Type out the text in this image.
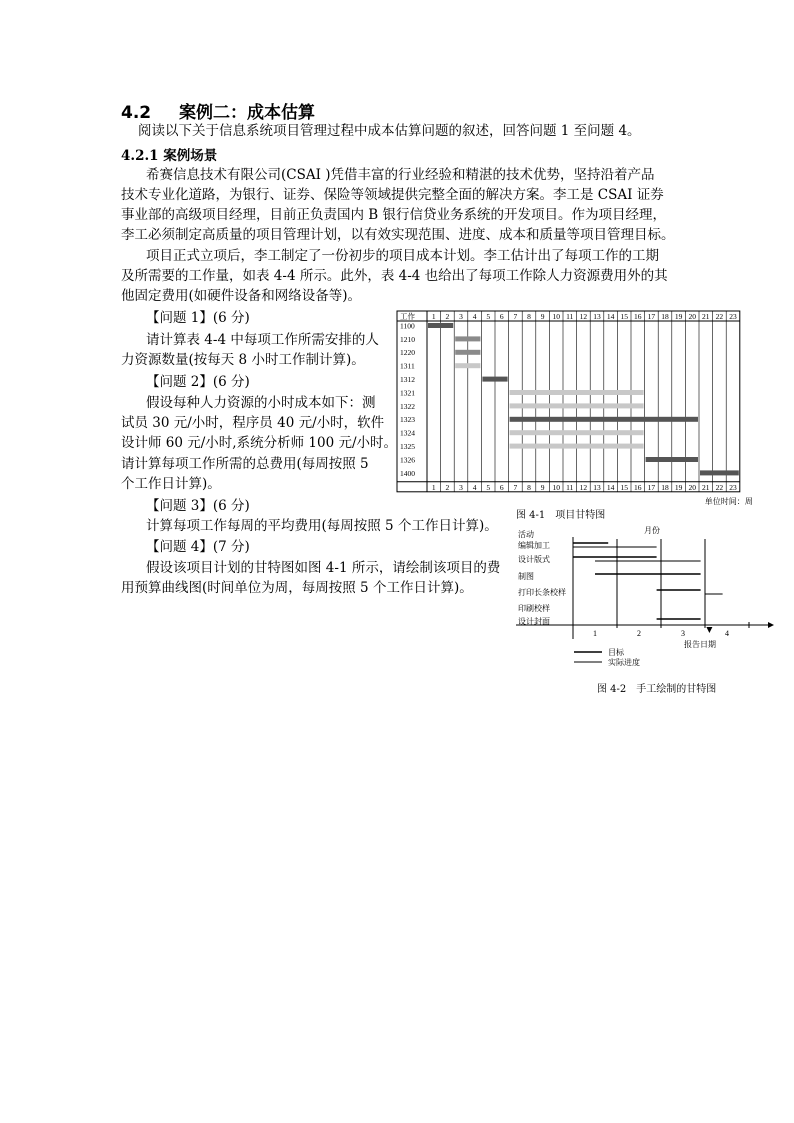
4.2 案例二：成本估算
阅读以下关于信息系统项目管理过程中成本估算问题的叙述，回答问题 1 至问题 4。
4.2.1 案例场景
希赛信息技术有限公司(CSAI )凭借丰富的行业经验和精湛的技术优势，坚持沿着产品
技术专业化道路，为银行、证券、保险等领域提供完整全面的解决方案。李工是 CSAI 证券
事业部的高级项目经理，目前正负责国内 B 银行信贷业务系统的开发项目。作为项目经理，
李工必须制定高质量的项目管理计划，以有效实现范围、进度、成本和质量等项目管理目标。
项目正式立项后，李工制定了一份初步的项目成本计划。李工估计出了每项工作的工期
及所需要的工作量，如表 4-4 所示。此外，表 4-4 也给出了每项工作除人力资源费用外的其
他固定费用(如硬件设备和网络设备等)。
【问题 1】(6 分)
请计算表 4-4 中每项工作所需安排的人
力资源数量(按每天 8 小时工作制计算)。
【问题 2】(6 分)
假设每种人力资源的小时成本如下：测
试员 30 元/小时，程序员 40 元/小时，软件
设计师 60 元/小时,系统分析师 100 元/小时。
请计算每项工作所需的总费用(每周按照 5
个工作日计算)。
【问题 3】(6 分)
计算每项工作每周的平均费用(每周按照 5 个工作日计算)。
【问题 4】(7 分)
假设该项目计划的甘特图如图 4-1 所示，请绘制该项目的费
用预算曲线图(时间单位为周，每周按照 5 个工作日计算)。
工作 1
1
2
2
3
3
4
4
5
5
6
6
7
7
8
8
9
9
10
10
11
11
12
12
13
13
14
14
15
15
16
16
17
17
18
18
19
19
20
20
21
21
22
22
23
23
1100
1210
1220
1311
1312
1321
1322
1323
1324
1325
1326
1400
单位时间：周
图 4-1　项目甘特图
活动	月份
编辑加工
设计版式
制图
打印长条校样
印刷校样
设计封面
1	2	3	4
报告日期
目标
实际进度
图 4-2　手工绘制的甘特图
